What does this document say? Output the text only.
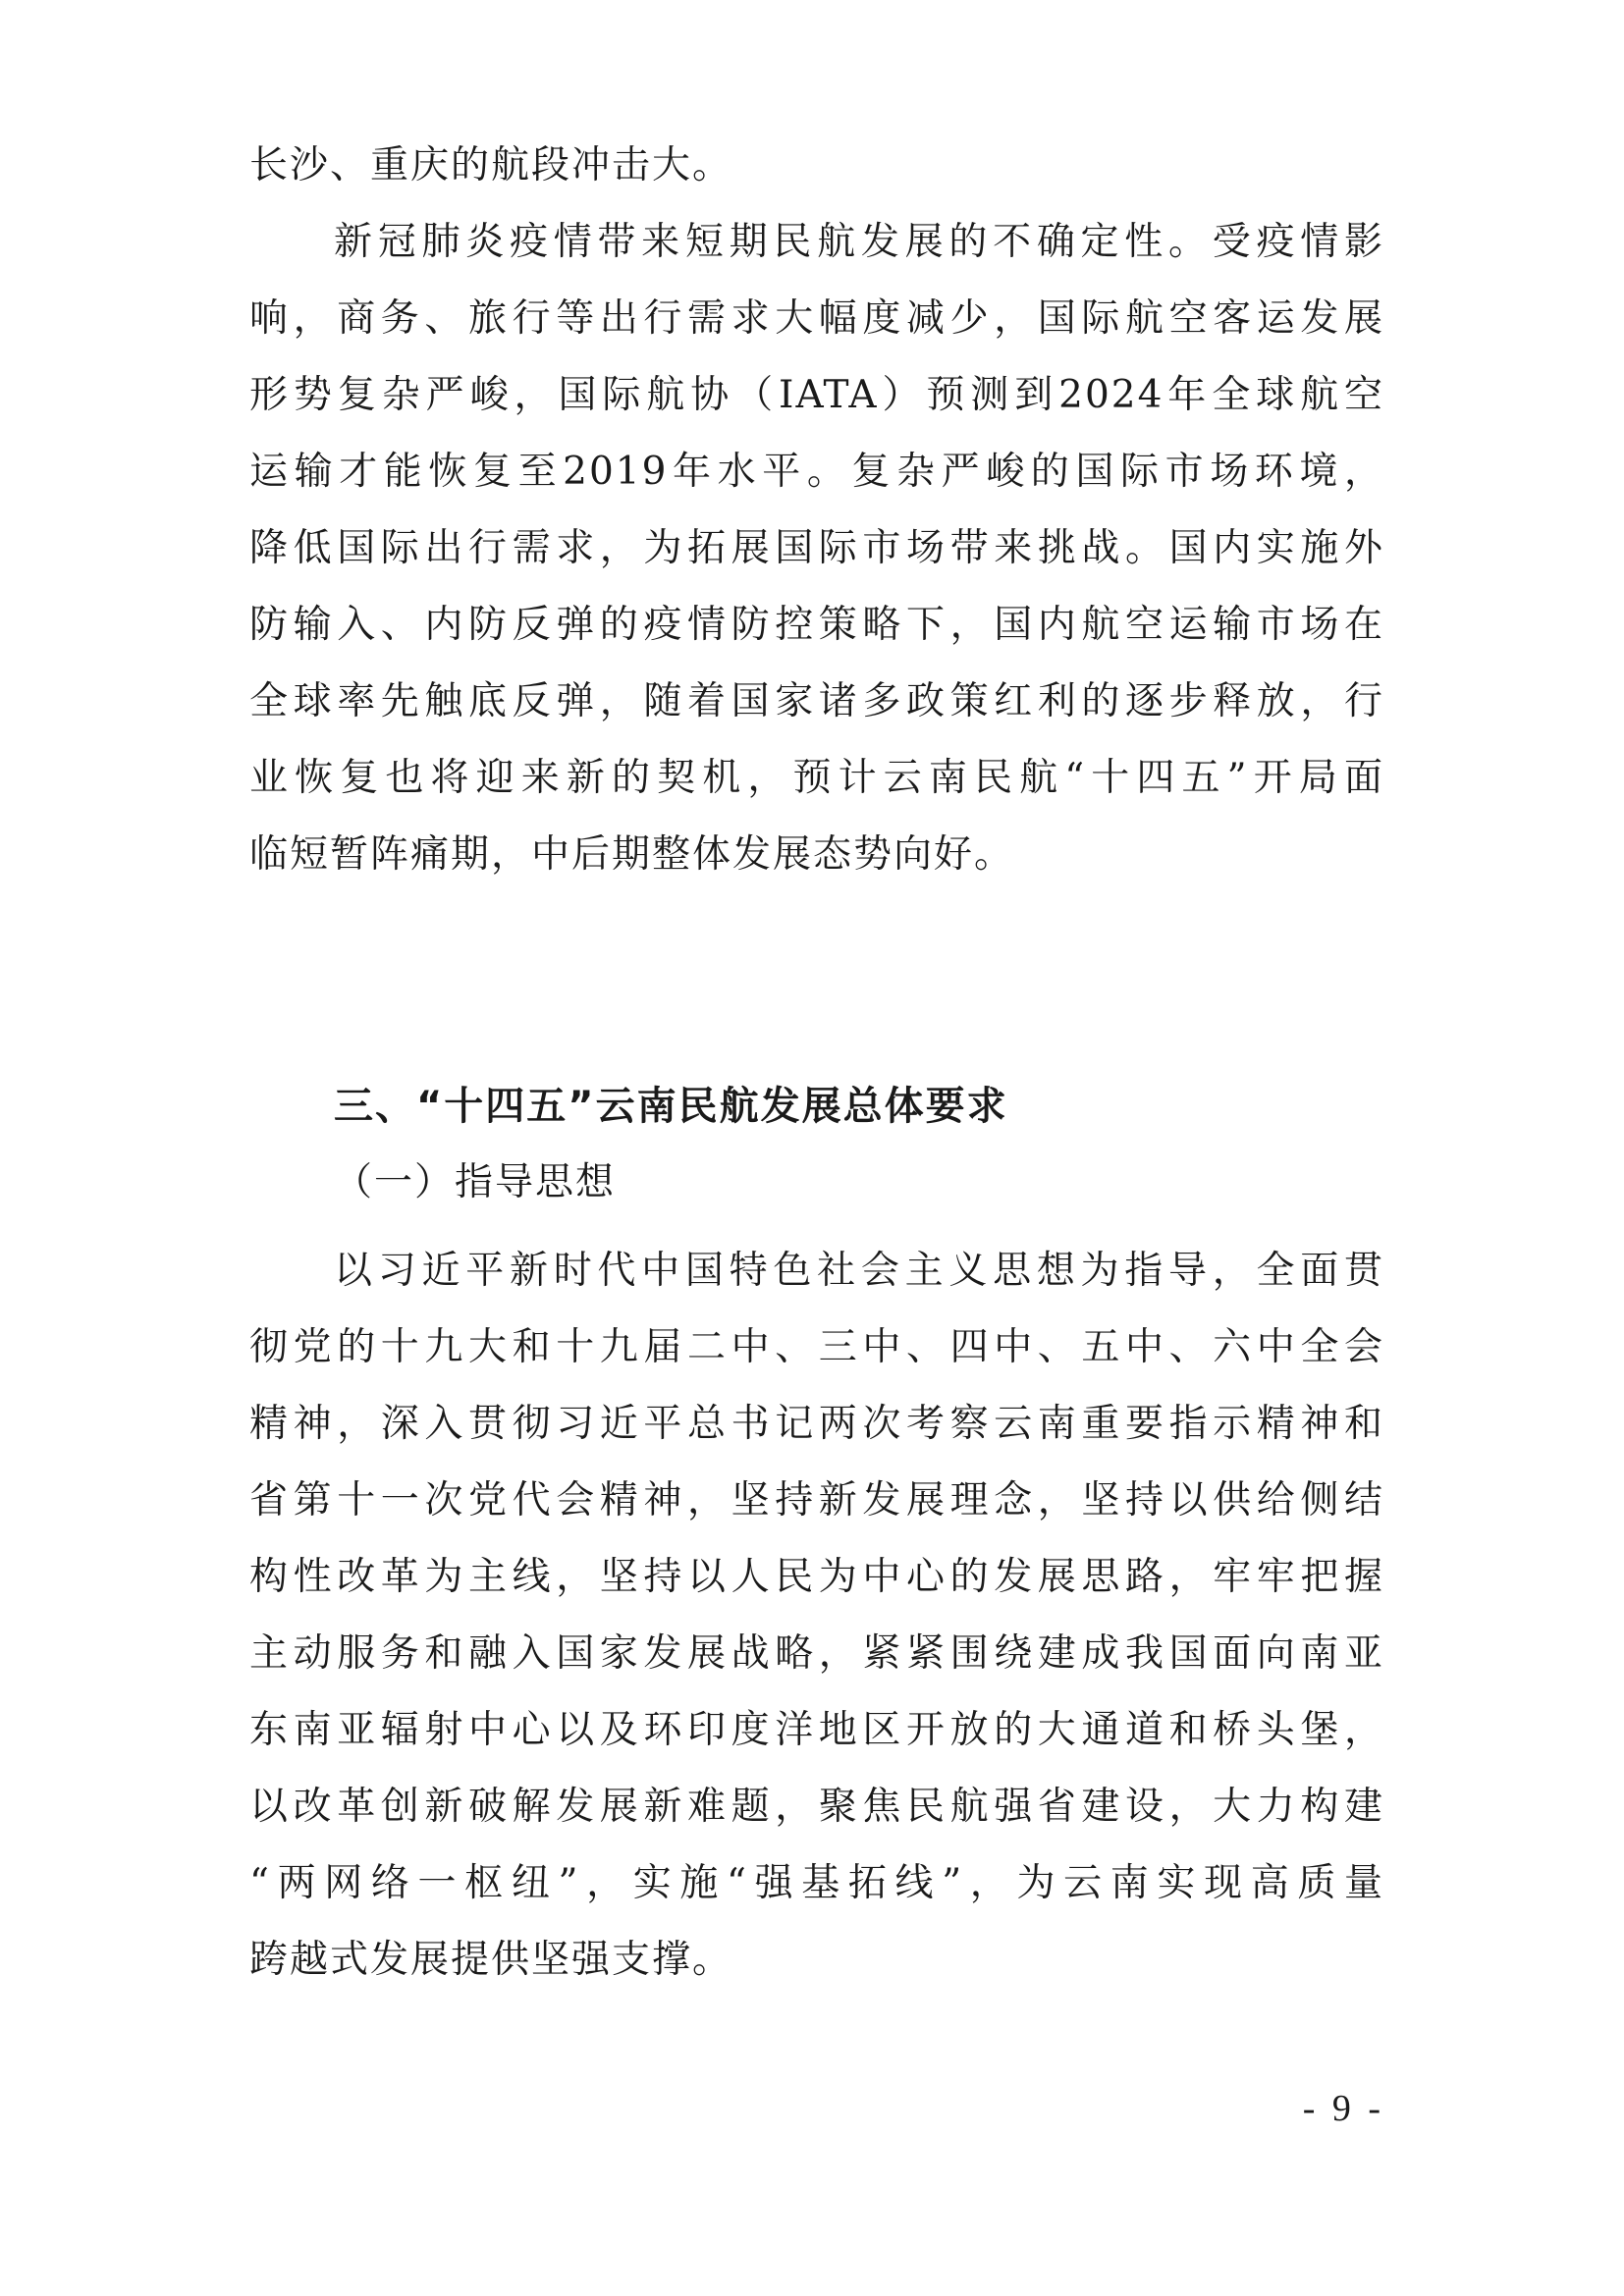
长沙、重庆的航段冲击大。
新冠肺炎疫情带来短期民航发展的不确定性。受疫情影
响，商务、旅行等出行需求大幅度减少，国际航空客运发展
形势复杂严峻，国际航协（IATA）预测到2024年全球航空
运输才能恢复至2019年水平。复杂严峻的国际市场环境，
降低国际出行需求，为拓展国际市场带来挑战。国内实施外
防输入、内防反弹的疫情防控策略下，国内航空运输市场在
全球率先触底反弹，随着国家诸多政策红利的逐步释放，行
业恢复也将迎来新的契机，预计云南民航“十四五”开局面
临短暂阵痛期，中后期整体发展态势向好。
三、“十四五”云南民航发展总体要求
（一）指导思想
以习近平新时代中国特色社会主义思想为指导，全面贯
彻党的十九大和十九届二中、三中、四中、五中、六中全会
精神，深入贯彻习近平总书记两次考察云南重要指示精神和
省第十一次党代会精神，坚持新发展理念，坚持以供给侧结
构性改革为主线，坚持以人民为中心的发展思路，牢牢把握
主动服务和融入国家发展战略，紧紧围绕建成我国面向南亚
东南亚辐射中心以及环印度洋地区开放的大通道和桥头堡，
以改革创新破解发展新难题，聚焦民航强省建设，大力构建
“两网络一枢纽”，实施“强基拓线”，为云南实现高质量
跨越式发展提供坚强支撑。
- 9 -
